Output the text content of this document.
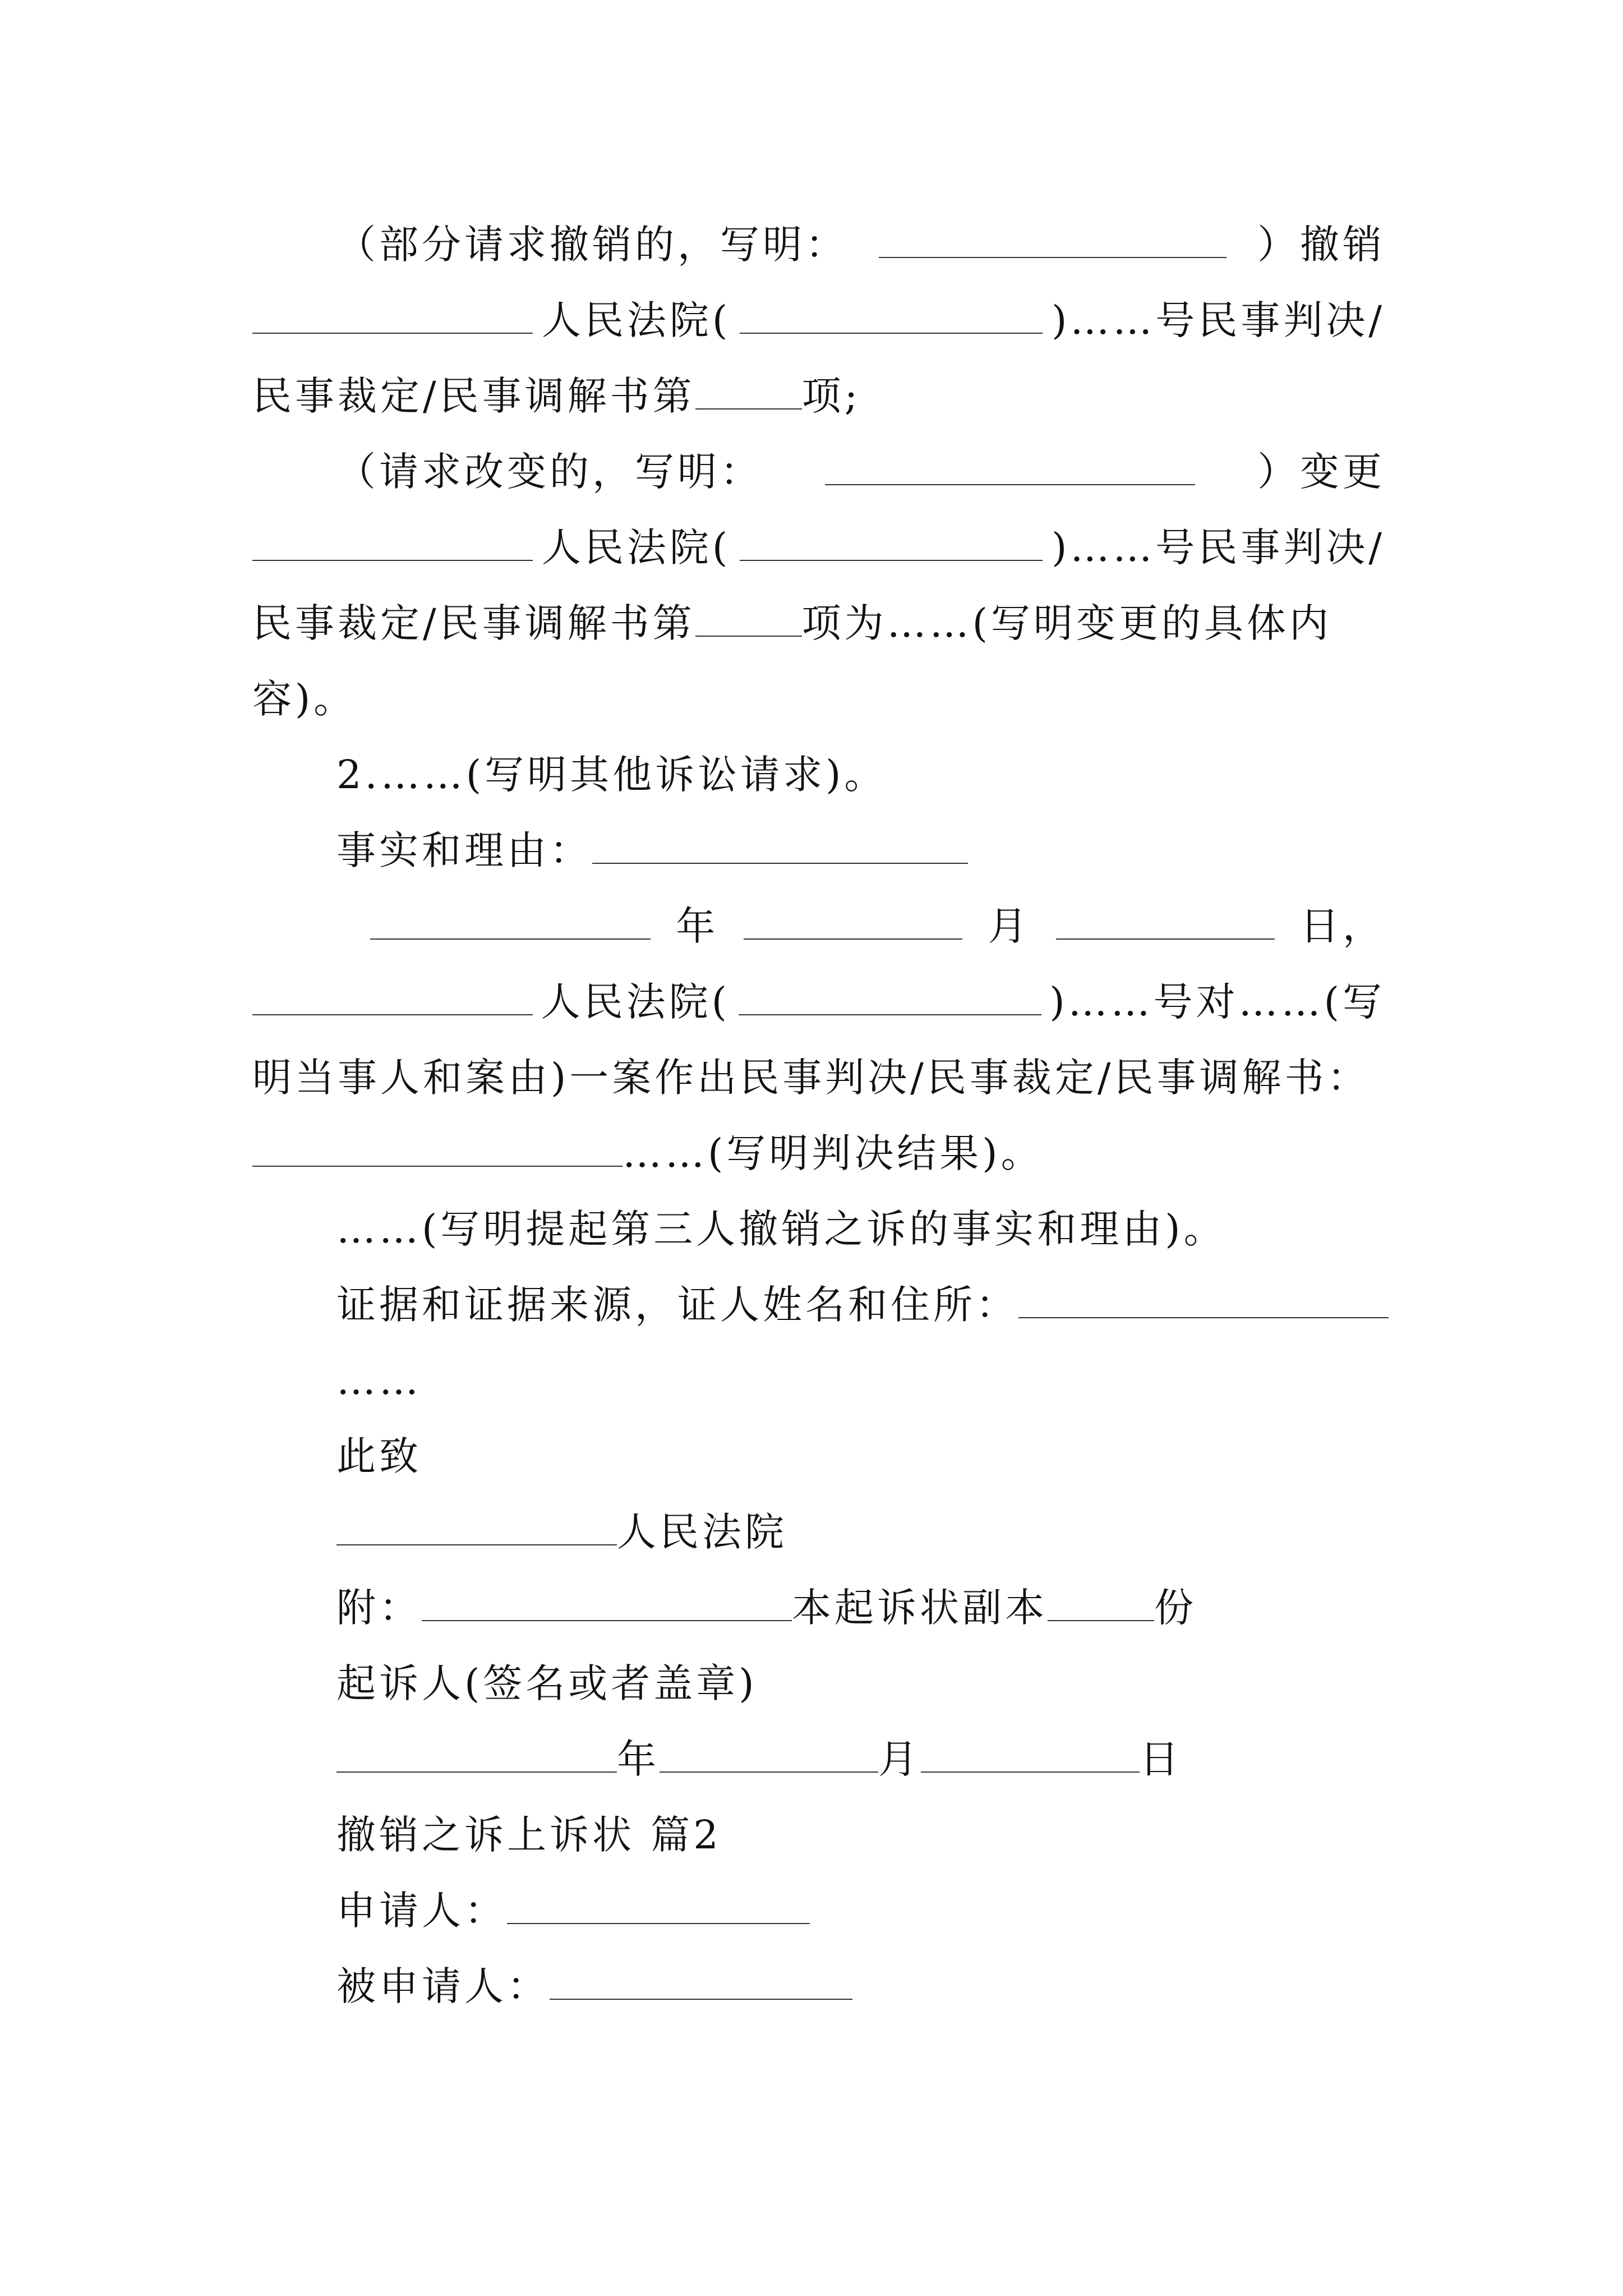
（部分请求撤销的，写明：	）撤销
人民法院(	)……号民事判决/
民事裁定/民事调解书第	项;
（请求改变的，写明：	）变更
人民法院(	)……号民事判决/
民事裁定/民事调解书第	项为……(写明变更的具体内
容)。
2.……(写明其他诉讼请求)。
事实和理由：
年	月	日，
人民法院(	)……号对……(写
明当事人和案由)一案作出民事判决/民事裁定/民事调解书：
……(写明判决结果)。
……(写明提起第三人撤销之诉的事实和理由)。
证据和证据来源，证人姓名和住所：
……
此致
人民法院
附：	本起诉状副本	份
起诉人(签名或者盖章)
年	月	日
撤销之诉上诉状 篇2
申请人：
被申请人：
